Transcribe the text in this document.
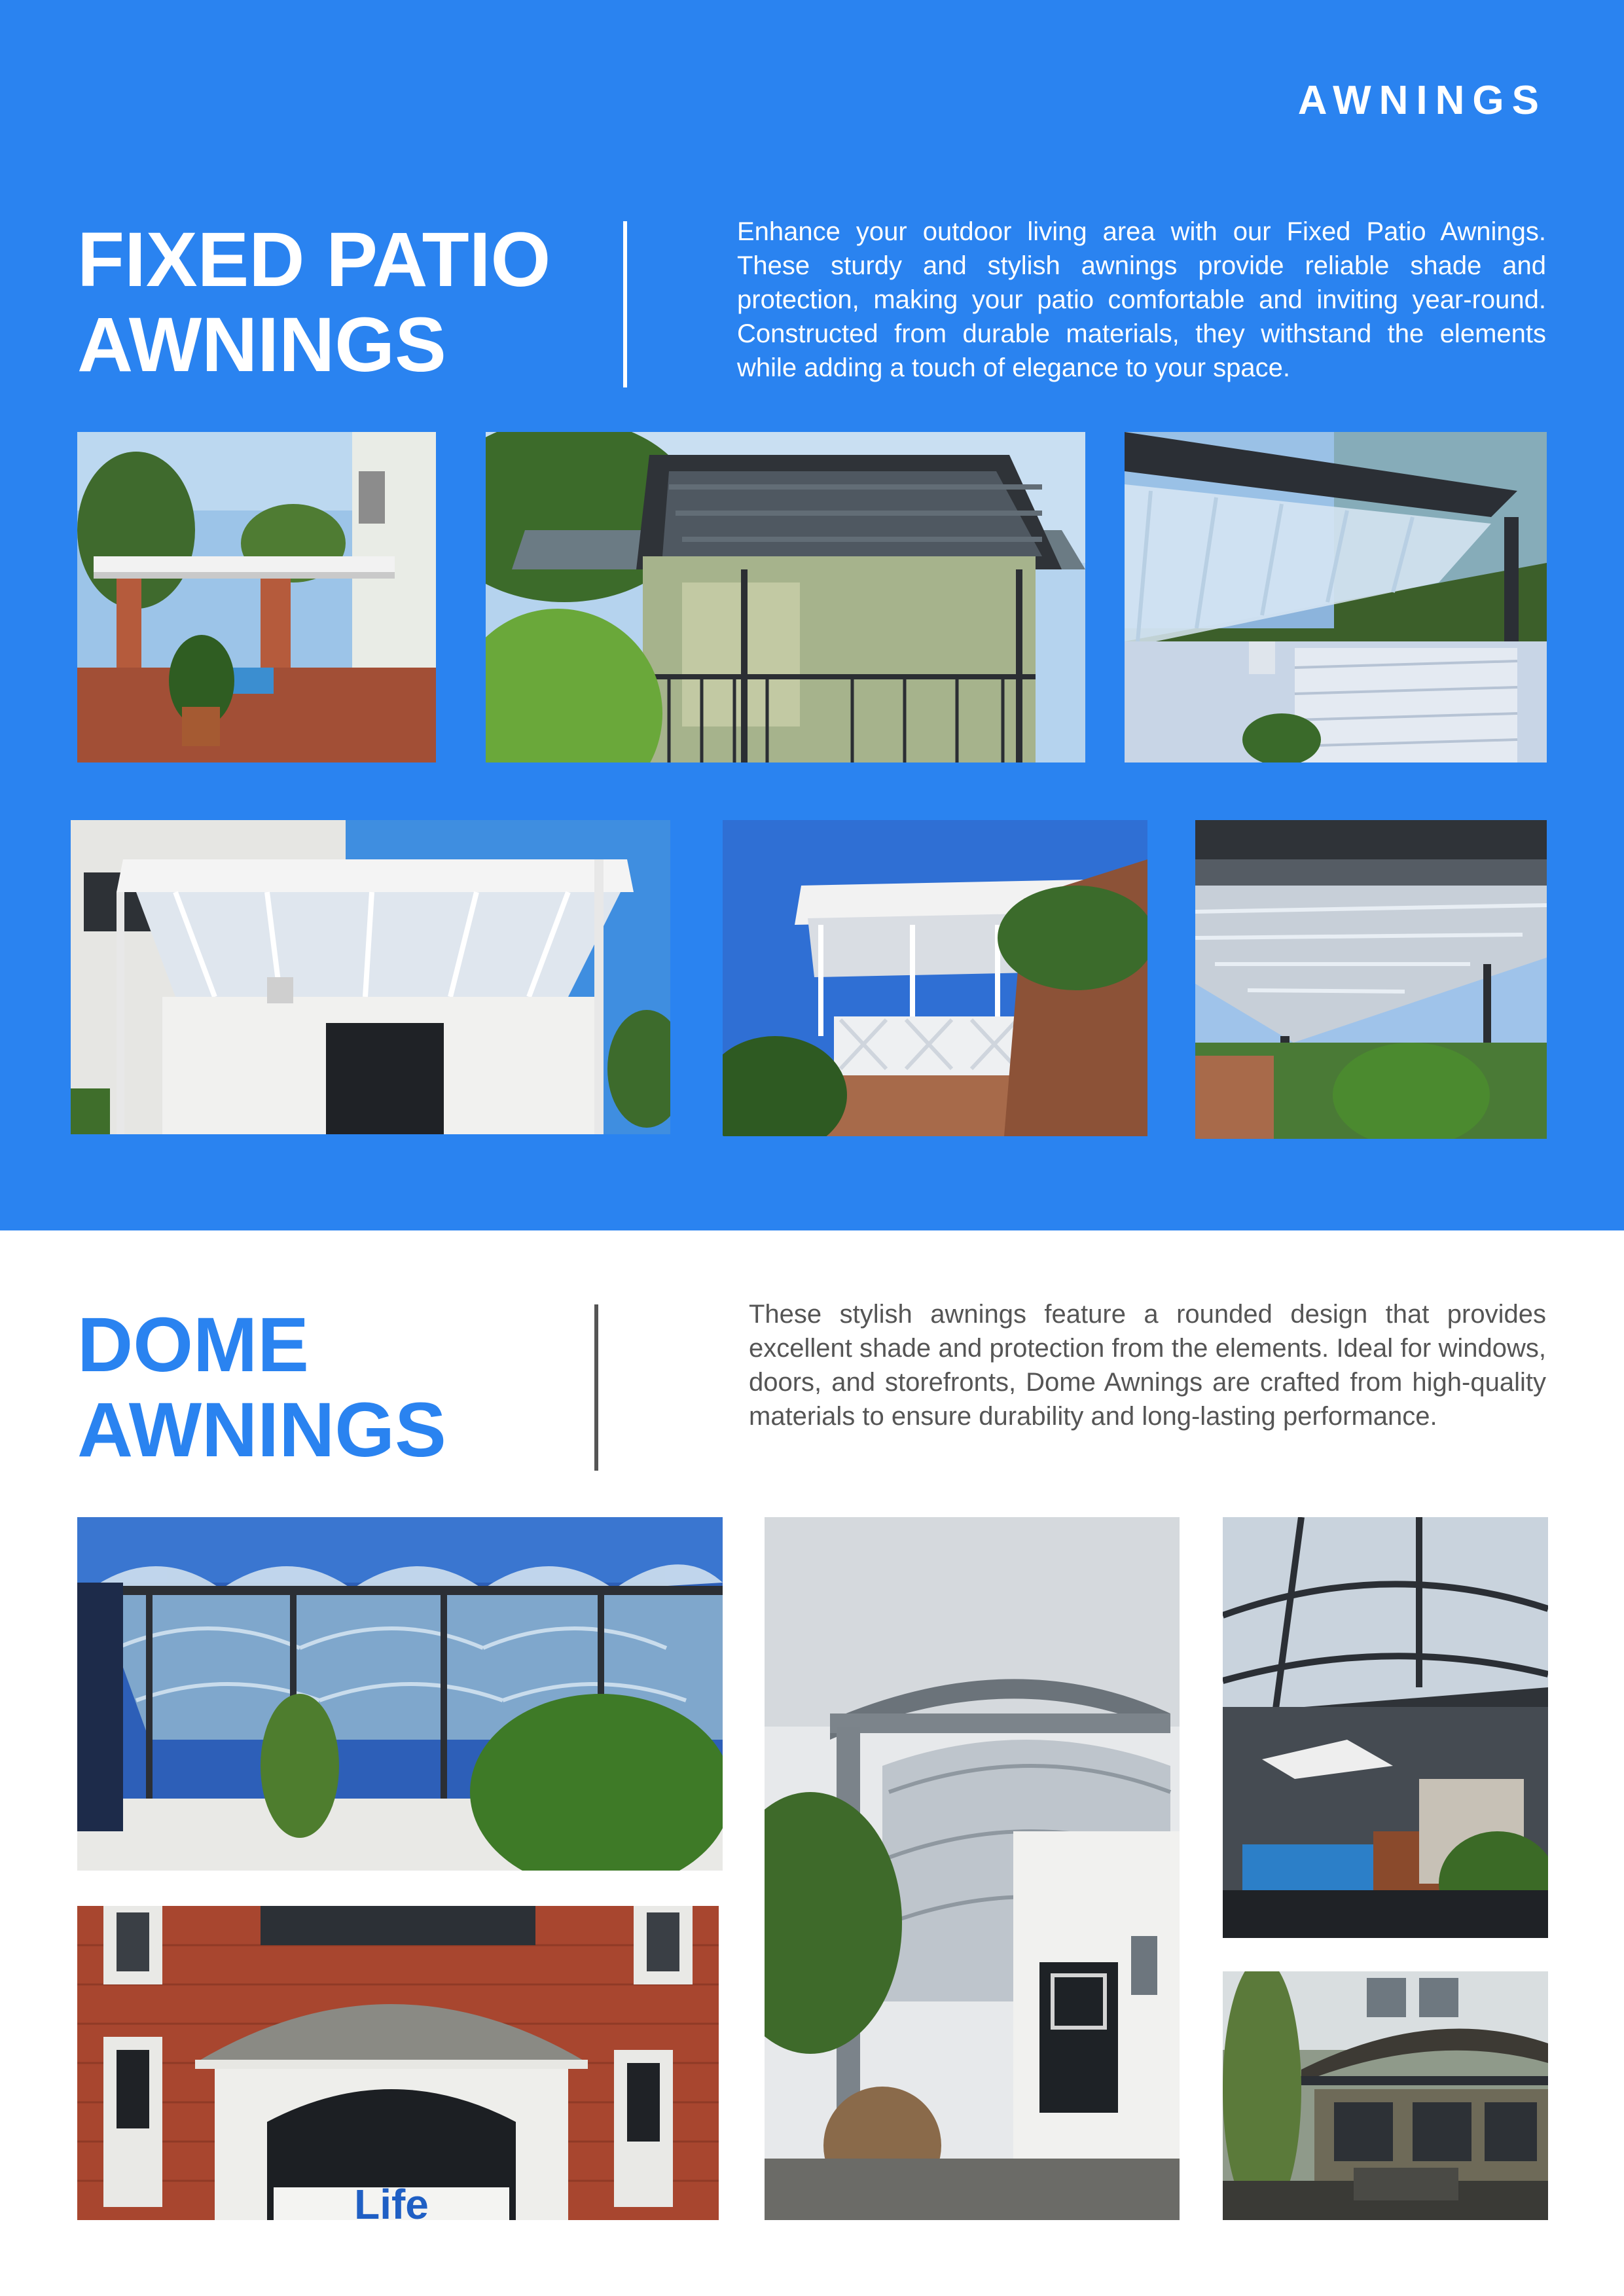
AWNINGS
FIXED PATIO
AWNINGS

Enhance your outdoor living area with our Fixed Patio Awnings. These sturdy and stylish awnings provide reliable shade and protection, making your patio comfortable and inviting year-round. Constructed from durable materials, they withstand the elements while adding a touch of elegance to your space.

DOME
AWNINGS

These stylish awnings feature a rounded design that provides excellent shade and protection from the elements. Ideal for windows, doors, and storefronts, Dome Awnings are crafted from high-quality materials to ensure durability and long-lasting performance.

Life
